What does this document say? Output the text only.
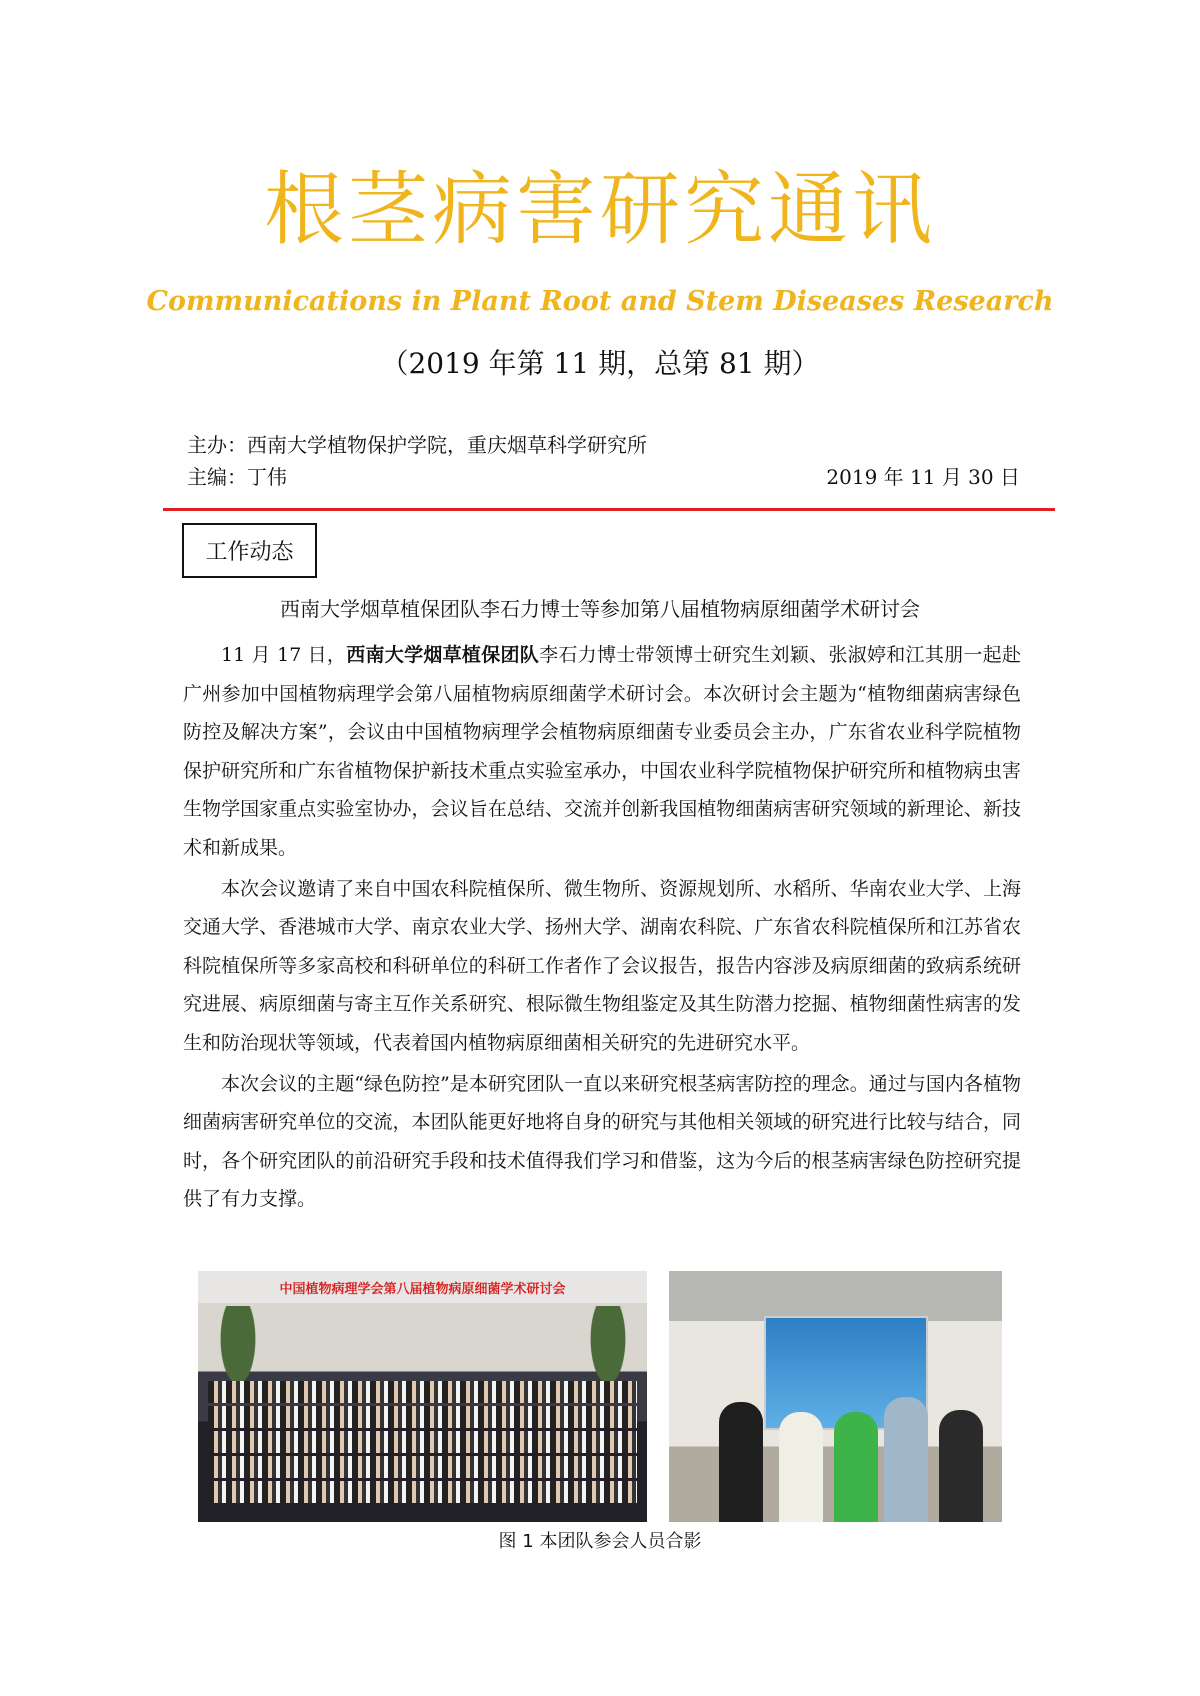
根茎病害研究通讯
Communications in Plant Root and Stem Diseases Research
（2019 年第 11 期，总第 81 期）
主办：西南大学植物保护学院，重庆烟草科学研究所
主编：丁伟	2019 年 11 月 30 日
工作动态
西南大学烟草植保团队李石力博士等参加第八届植物病原细菌学术研讨会

11 月 17 日，西南大学烟草植保团队李石力博士带领博士研究生刘颖、张淑婷和江其朋一起赴广州参加中国植物病理学会第八届植物病原细菌学术研讨会。本次研讨会主题为“植物细菌病害绿色防控及解决方案”，会议由中国植物病理学会植物病原细菌专业委员会主办，广东省农业科学院植物保护研究所和广东省植物保护新技术重点实验室承办，中国农业科学院植物保护研究所和植物病虫害生物学国家重点实验室协办，会议旨在总结、交流并创新我国植物细菌病害研究领域的新理论、新技术和新成果。

本次会议邀请了来自中国农科院植保所、微生物所、资源规划所、水稻所、华南农业大学、上海交通大学、香港城市大学、南京农业大学、扬州大学、湖南农科院、广东省农科院植保所和江苏省农科院植保所等多家高校和科研单位的科研工作者作了会议报告，报告内容涉及病原细菌的致病系统研究进展、病原细菌与寄主互作关系研究、根际微生物组鉴定及其生防潜力挖掘、植物细菌性病害的发生和防治现状等领域，代表着国内植物病原细菌相关研究的先进研究水平。

本次会议的主题“绿色防控”是本研究团队一直以来研究根茎病害防控的理念。通过与国内各植物细菌病害研究单位的交流，本团队能更好地将自身的研究与其他相关领域的研究进行比较与结合，同时，各个研究团队的前沿研究手段和技术值得我们学习和借鉴，这为今后的根茎病害绿色防控研究提供了有力支撑。

中国植物病理学会第八届植物病原细菌学术研讨会
图 1 本团队参会人员合影
